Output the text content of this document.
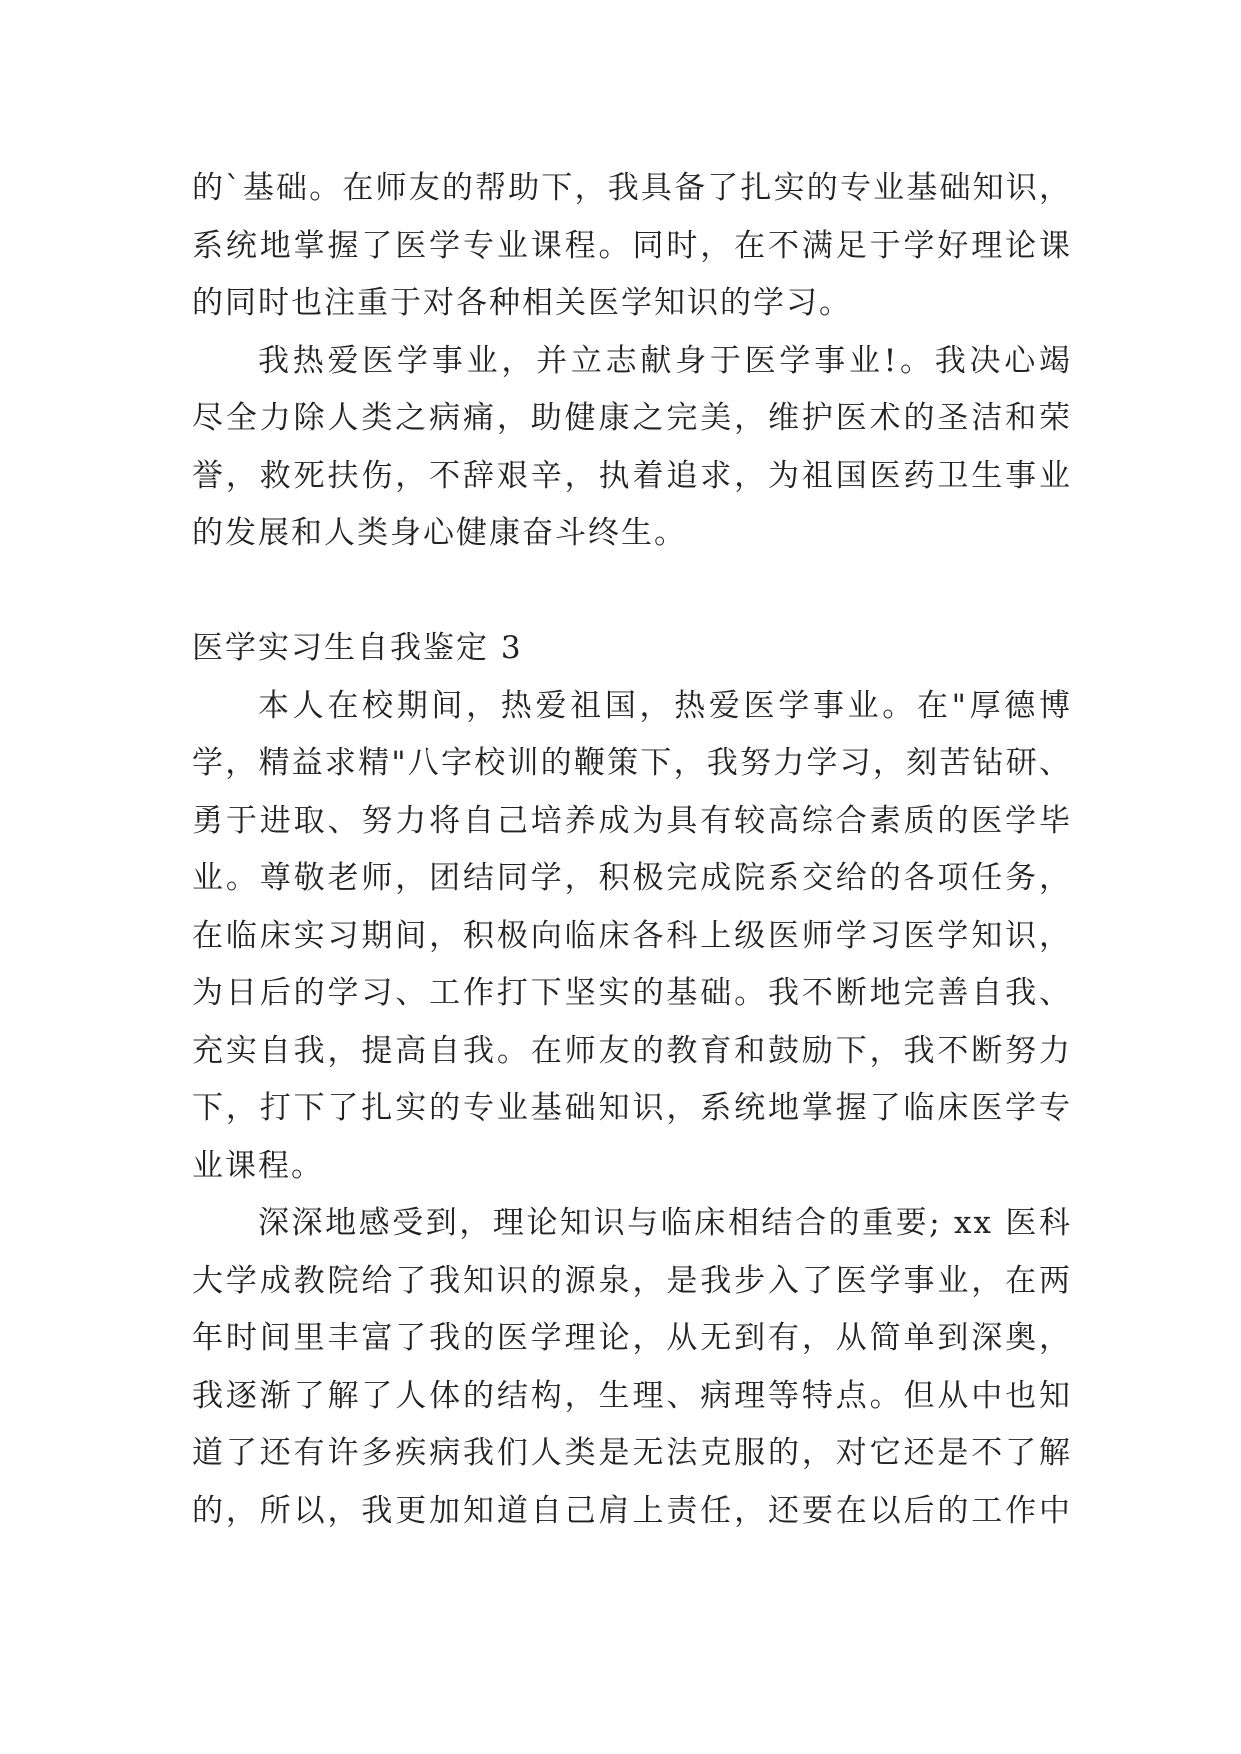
的`基础。在师友的帮助下，我具备了扎实的专业基础知识，
系统地掌握了医学专业课程。同时，在不满足于学好理论课
的同时也注重于对各种相关医学知识的学习。
我热爱医学事业，并立志献身于医学事业!。我决心竭
尽全力除人类之病痛，助健康之完美，维护医术的圣洁和荣
誉，救死扶伤，不辞艰辛，执着追求，为祖国医药卫生事业
的发展和人类身心健康奋斗终生。
医学实习生自我鉴定 3
本人在校期间，热爱祖国，热爱医学事业。在"厚德博
学，精益求精"八字校训的鞭策下，我努力学习，刻苦钻研、
勇于进取、努力将自己培养成为具有较高综合素质的医学毕
业。尊敬老师，团结同学，积极完成院系交给的各项任务，
在临床实习期间，积极向临床各科上级医师学习医学知识，
为日后的学习、工作打下坚实的基础。我不断地完善自我、
充实自我，提高自我。在师友的教育和鼓励下，我不断努力
下，打下了扎实的专业基础知识，系统地掌握了临床医学专
业课程。
深深地感受到，理论知识与临床相结合的重要; xx 医科
大学成教院给了我知识的源泉，是我步入了医学事业，在两
年时间里丰富了我的医学理论，从无到有，从简单到深奥，
我逐渐了解了人体的结构，生理、病理等特点。但从中也知
道了还有许多疾病我们人类是无法克服的，对它还是不了解
的，所以，我更加知道自己肩上责任，还要在以后的工作中
